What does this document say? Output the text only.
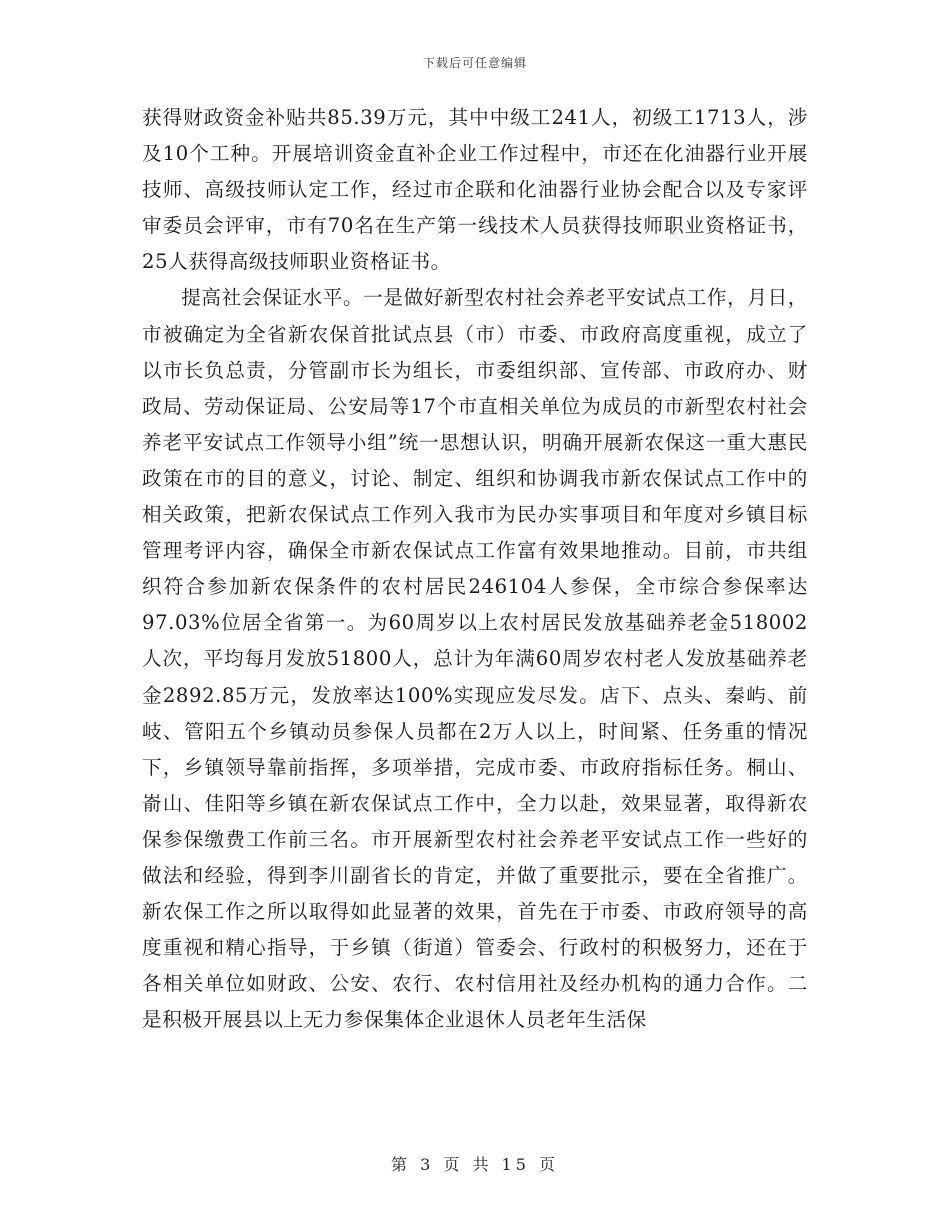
下载后可任意编辑

获得财政资金补贴共85.39万元，其中中级工241人，初级工1713人，涉及10个工种。开展培训资金直补企业工作过程中，市还在化油器行业开展技师、高级技师认定工作，经过市企联和化油器行业协会配合以及专家评审委员会评审，市有70名在生产第一线技术人员获得技师职业资格证书，25人获得高级技师职业资格证书。

提高社会保证水平。一是做好新型农村社会养老平安试点工作，月日，市被确定为全省新农保首批试点县（市）市委、市政府高度重视，成立了以市长负总责，分管副市长为组长，市委组织部、宣传部、市政府办、财政局、劳动保证局、公安局等17个市直相关单位为成员的市新型农村社会养老平安试点工作领导小组”统一思想认识，明确开展新农保这一重大惠民政策在市的目的意义，讨论、制定、组织和协调我市新农保试点工作中的相关政策，把新农保试点工作列入我市为民办实事项目和年度对乡镇目标管理考评内容，确保全市新农保试点工作富有效果地推动。目前，市共组织符合参加新农保条件的农村居民246104人参保，全市综合参保率达97.03%位居全省第一。为60周岁以上农村居民发放基础养老金518002人次，平均每月发放51800人，总计为年满60周岁农村老人发放基础养老金2892.85万元，发放率达100%实现应发尽发。店下、点头、秦屿、前岐、管阳五个乡镇动员参保人员都在2万人以上，时间紧、任务重的情况下，乡镇领导靠前指挥，多项举措，完成市委、市政府指标任务。桐山、嵛山、佳阳等乡镇在新农保试点工作中，全力以赴，效果显著，取得新农保参保缴费工作前三名。市开展新型农村社会养老平安试点工作一些好的做法和经验，得到李川副省长的肯定，并做了重要批示，要在全省推广。新农保工作之所以取得如此显著的效果，首先在于市委、市政府领导的高度重视和精心指导，于乡镇（街道）管委会、行政村的积极努力，还在于各相关单位如财政、公安、农行、农村信用社及经办机构的通力合作。二是积极开展县以上无力参保集体企业退休人员老年生活保

第 3 页 共 15 页
